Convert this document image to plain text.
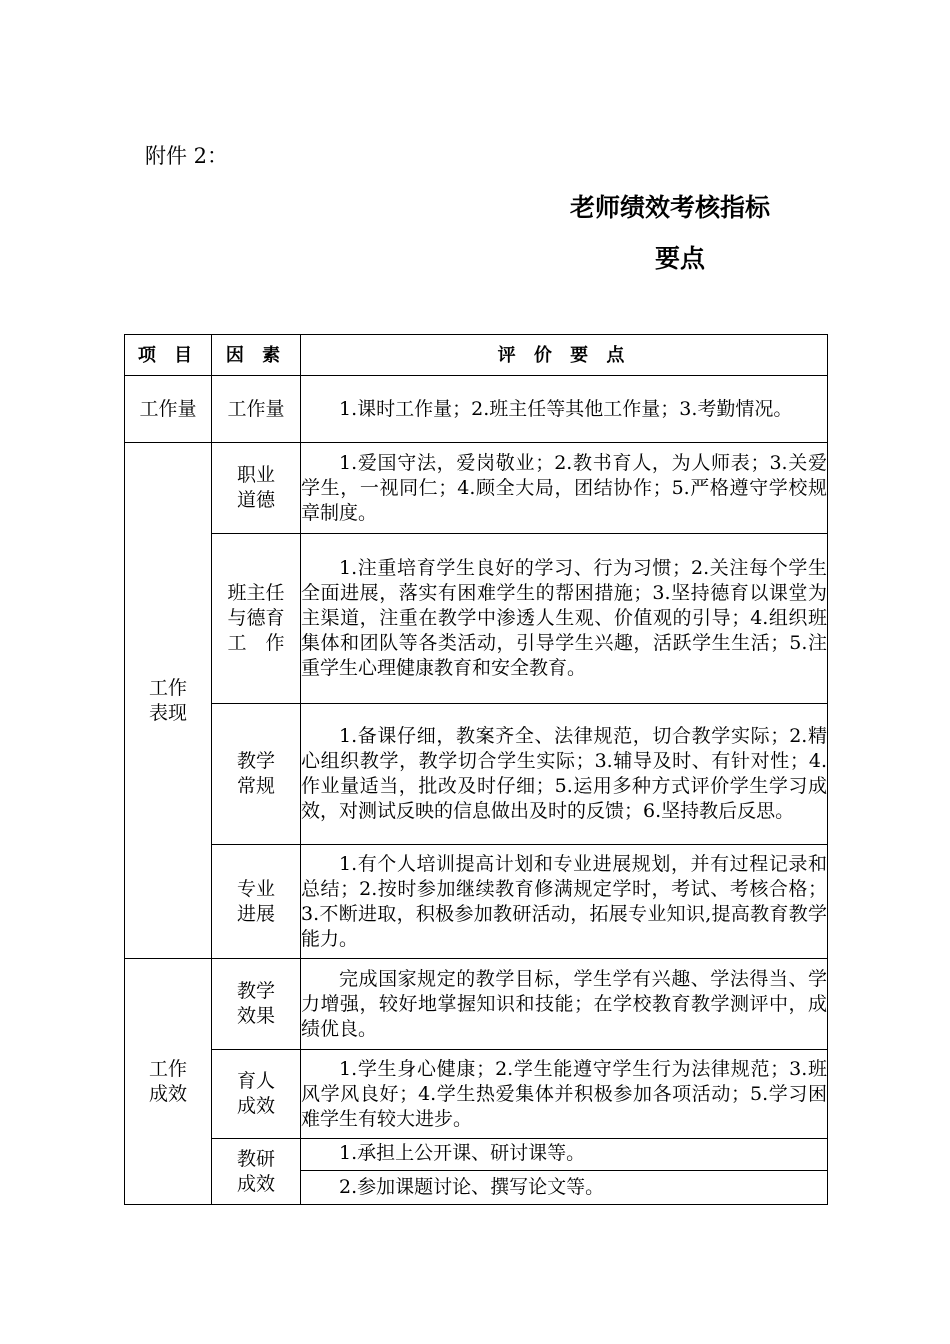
附件 2：
老师绩效考核指标
要点
项 目	因 素	评 价 要 点
工作量	工作量	1.课时工作量；2.班主任等其他工作量；3.考勤情况。
工作表现	职业道德	1.爱国守法，爱岗敬业；2.教书育人，为人师表；3.关爱学生，一视同仁；4.顾全大局，团结协作；5.严格遵守学校规章制度。
	班主任与德育工　作	1.注重培育学生良好的学习、行为习惯；2.关注每个学生全面进展，落实有困难学生的帮困措施；3.坚持德育以课堂为主渠道，注重在教学中渗透人生观、价值观的引导；4.组织班集体和团队等各类活动，引导学生兴趣，活跃学生生活；5.注重学生心理健康教育和安全教育。
	教学常规	1.备课仔细，教案齐全、法律规范，切合教学实际；2.精心组织教学，教学切合学生实际；3.辅导及时、有针对性；4.作业量适当，批改及时仔细；5.运用多种方式评价学生学习成效，对测试反映的信息做出及时的反馈；6.坚持教后反思。
	专业进展	1.有个人培训提高计划和专业进展规划，并有过程记录和总结；2.按时参加继续教育修满规定学时，考试、考核合格；3.不断进取，积极参加教研活动，拓展专业知识,提高教育教学能力。
工作成效	教学效果	完成国家规定的教学目标，学生学有兴趣、学法得当、学力增强，较好地掌握知识和技能；在学校教育教学测评中，成绩优良。
	育人成效	1.学生身心健康；2.学生能遵守学生行为法律规范；3.班风学风良好；4.学生热爱集体并积极参加各项活动；5.学习困难学生有较大进步。
	教研成效	1.承担上公开课、研讨课等。
		2.参加课题讨论、撰写论文等。
